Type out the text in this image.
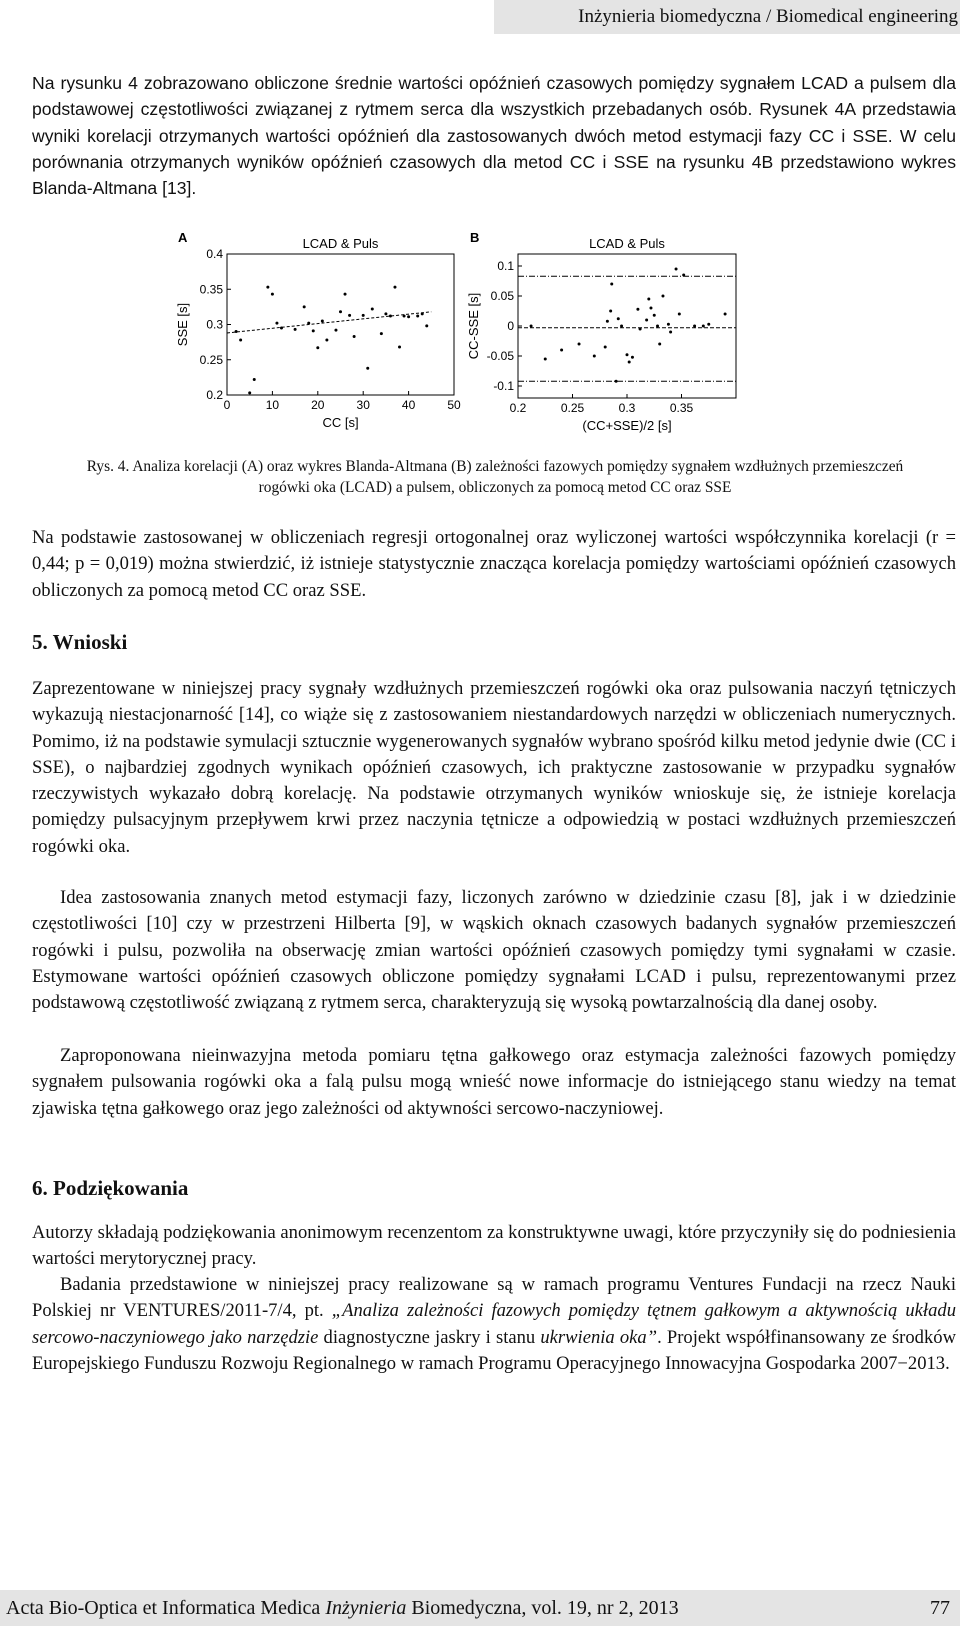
Inżynieria biomedyczna / Biomedical engineering

Na rysunku 4 zobrazowano obliczone średnie wartości opóźnień czasowych pomiędzy sygnałem LCAD a pulsem dla podstawowej częstotliwości związanej z rytmem serca dla wszystkich przebadanych osób. Rysunek 4A przedstawia wyniki korelacji otrzymanych wartości opóźnień dla zastosowanych dwóch metod estymacji fazy CC i SSE. W celu porównania otrzymanych wyników opóźnień czasowych dla metod CC i SSE na rysunku 4B przedstawiono wykres Blanda-Altmana [13].

A	LCAD & Puls
0	10	20	30	40	50
0.2
0.25
0.3
0.35
0.4
CC [s]
SSE [s]
B	LCAD & Puls
0.2	0.25	0.3	0.35
-0.1
-0.05
0
0.05
0.1
(CC+SSE)/2 [s]
CC-SSE [s]

Rys. 4. Analiza korelacji (A) oraz wykres Blanda-Altmana (B) zależności fazowych pomiędzy sygnałem wzdłużnych przemieszczeń rogówki oka (LCAD) a pulsem, obliczonych za pomocą metod CC oraz SSE

Na podstawie zastosowanej w obliczeniach regresji ortogonalnej oraz wyliczonej wartości współczynnika korelacji (r = 0,44; p = 0,019) można stwierdzić, iż istnieje statystycznie znacząca korelacja pomiędzy wartościami opóźnień czasowych obliczonych za pomocą metod CC oraz SSE.

5. Wnioski

Zaprezentowane w niniejszej pracy sygnały wzdłużnych przemieszczeń rogówki oka oraz pulsowania naczyń tętniczych wykazują niestacjonarność [14], co wiąże się z zastosowaniem niestandardowych narzędzi w obliczeniach numerycznych. Pomimo, iż na podstawie symulacji sztucznie wygenerowanych sygnałów wybrano spośród kilku metod jedynie dwie (CC i SSE), o najbardziej zgodnych wynikach opóźnień czasowych, ich praktyczne zastosowanie w przypadku sygnałów rzeczywistych wykazało dobrą korelację. Na podstawie otrzymanych wyników wnioskuje się, że istnieje korelacja pomiędzy pulsacyjnym przepływem krwi przez naczynia tętnicze a odpowiedzią w postaci wzdłużnych przemieszczeń rogówki oka.

Idea zastosowania znanych metod estymacji fazy, liczonych zarówno w dziedzinie czasu [8], jak i w dziedzinie częstotliwości [10] czy w przestrzeni Hilberta [9], w wąskich oknach czasowych badanych sygnałów przemieszczeń rogówki i pulsu, pozwoliła na obserwację zmian wartości opóźnień czasowych pomiędzy tymi sygnałami w czasie. Estymowane wartości opóźnień czasowych obliczone pomiędzy sygnałami LCAD i pulsu, reprezentowanymi przez podstawową częstotliwość związaną z rytmem serca, charakteryzują się wysoką powtarzalnością dla danej osoby.

Zaproponowana nieinwazyjna metoda pomiaru tętna gałkowego oraz estymacja zależności fazowych pomiędzy sygnałem pulsowania rogówki oka a falą pulsu mogą wnieść nowe informacje do istniejącego stanu wiedzy na temat zjawiska tętna gałkowego oraz jego zależności od aktywności sercowo-naczyniowej.

6. Podziękowania

Autorzy składają podziękowania anonimowym recenzentom za konstruktywne uwagi, które przyczyniły się do podniesienia wartości merytorycznej pracy.

Badania przedstawione w niniejszej pracy realizowane są w ramach programu Ventures Fundacji na rzecz Nauki Polskiej nr VENTURES/2011-7/4, pt. „Analiza zależności fazowych pomiędzy tętnem gałkowym a aktywnością układu sercowo-naczyniowego jako narzędzie diagnostyczne jaskry i stanu ukrwienia oka”. Projekt współfinansowany ze środków Europejskiego Funduszu Rozwoju Regionalnego w ramach Programu Operacyjnego Innowacyjna Gospodarka 2007−2013.

Acta Bio-Optica et Informatica Medica Inżynieria Biomedyczna, vol. 19, nr 2, 2013	77
